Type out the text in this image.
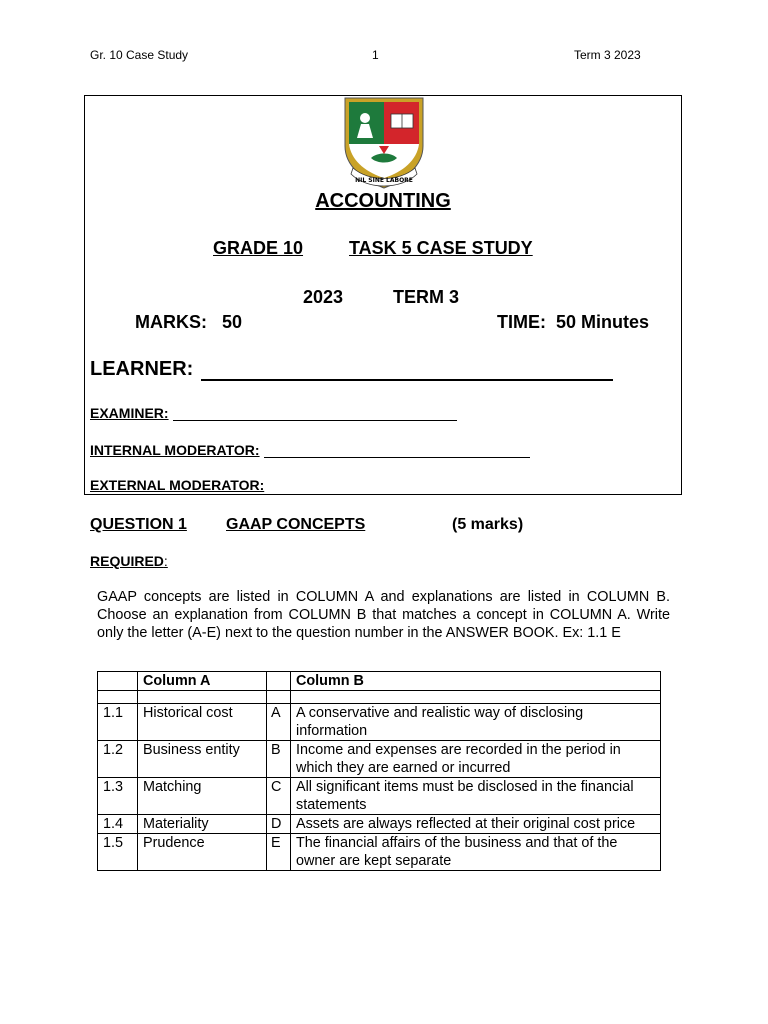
Gr. 10 Case Study	1	Term 3 2023
NIL SINE LABORE
ACCOUNTING
GRADE 10	TASK 5 CASE STUDY
2023	TERM 3
MARKS:   50	TIME:  50 Minutes
LEARNER:
EXAMINER:
INTERNAL MODERATOR:
EXTERNAL MODERATOR:
QUESTION 1 GAAP CONCEPTS	(5 marks)
REQUIRED:
GAAP concepts are listed in COLUMN A and explanations are listed in COLUMN B. Choose an explanation from COLUMN B that matches a concept in COLUMN A. Write only the letter (A-E) next to the question number in the ANSWER BOOK. Ex: 1.1 E
	Column A		Column B

1.1	Historical cost	A	A conservative and realistic way of disclosing information
1.2	Business entity	B	Income and expenses are recorded in the period in which they are earned or incurred
1.3	Matching	C	All significant items must be disclosed in the financial statements
1.4	Materiality	D	Assets are always reflected at their original cost price
1.5	Prudence	E	The financial affairs of the business and that of the owner are kept separate
